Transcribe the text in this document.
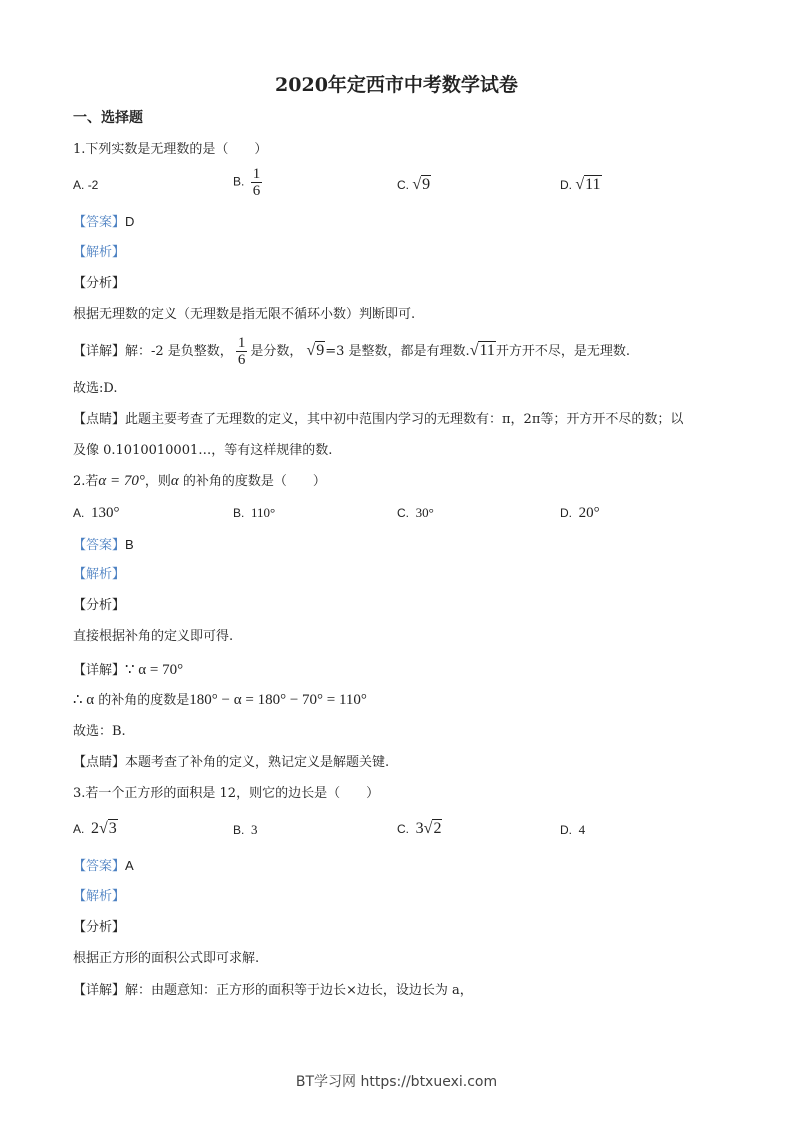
2020年定西市中考数学试卷
一、选择题
1.下列实数是无理数的是（　　）
A. -2	B. $\frac{1}{6}$	C. √9	D. √11
【答案】D
【解析】
【分析】
根据无理数的定义（无理数是指无限不循环小数）判断即可.
【详解】解：-2 是负整数， $\frac{1}{6}$ 是分数， √9=3 是整数，都是有理数.√11开方开不尽，是无理数.
故选:D.
【点睛】此题主要考查了无理数的定义，其中初中范围内学习的无理数有：π，2π等；开方开不尽的数；以
及像 0.1010010001…，等有这样规律的数.
2.若α = 70°，则α 的补角的度数是（　　）
A. 130°	B. 110°	C. 30°	D. 20°
【答案】B
【解析】
【分析】
直接根据补角的定义即可得.
【详解】∵ α = 70°
∴ α 的补角的度数是180° − α = 180° − 70° = 110°
故选：B.
【点睛】本题考查了补角的定义，熟记定义是解题关键.
3.若一个正方形的面积是 12，则它的边长是（　　）
A. 2√3	B. 3	C. 3√2	D. 4
【答案】A
【解析】
【分析】
根据正方形的面积公式即可求解.
【详解】解：由题意知：正方形的面积等于边长×边长，设边长为 a，
BT学习网 https://btxuexi.com
